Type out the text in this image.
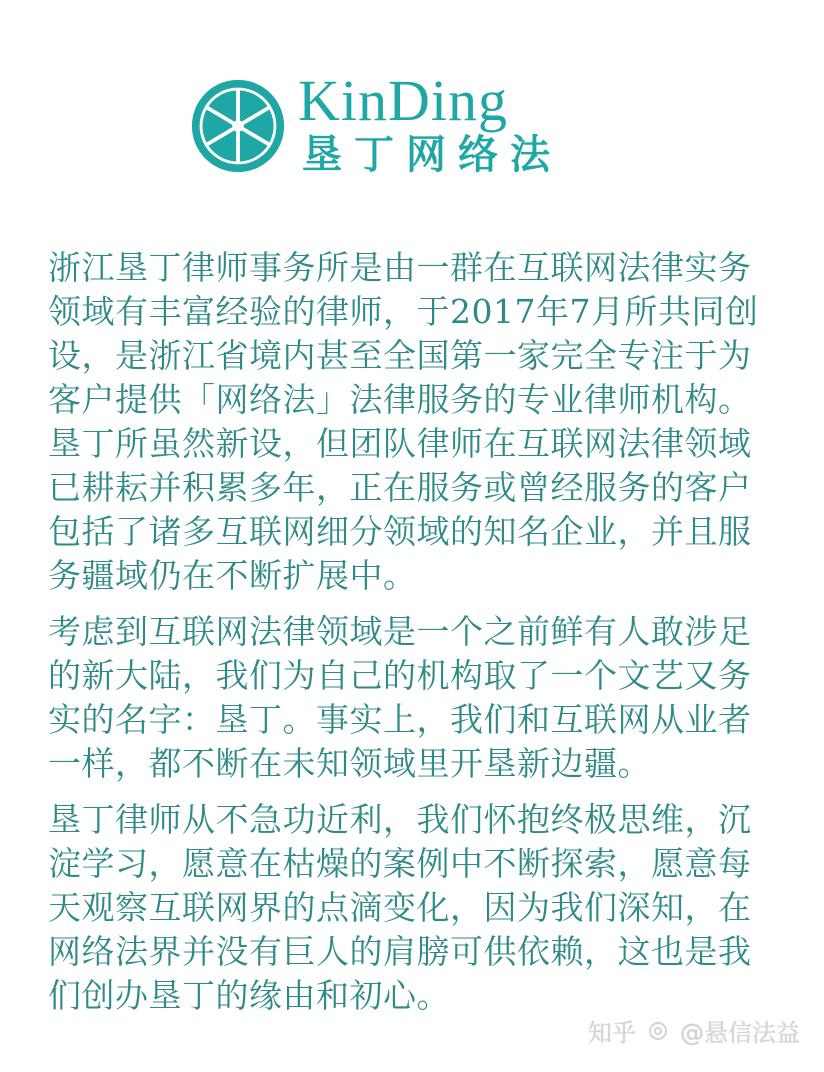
KinDing
垦丁网络法

浙江垦丁律师事务所是由一群在互联网法律实务领域有丰富经验的律师，于2017年7月所共同创设，是浙江省境内甚至全国第一家完全专注于为客户提供「网络法」法律服务的专业律师机构。垦丁所虽然新设，但团队律师在互联网法律领域已耕耘并积累多年，正在服务或曾经服务的客户包括了诸多互联网细分领域的知名企业，并且服务疆域仍在不断扩展中。

考虑到互联网法律领域是一个之前鲜有人敢涉足的新大陆，我们为自己的机构取了一个文艺又务实的名字：垦丁。事实上，我们和互联网从业者一样，都不断在未知领域里开垦新边疆。

垦丁律师从不急功近利，我们怀抱终极思维，沉淀学习，愿意在枯燥的案例中不断探索，愿意每天观察互联网界的点滴变化，因为我们深知，在网络法界并没有巨人的肩膀可供依赖，这也是我们创办垦丁的缘由和初心。

知乎 @悬信法益
